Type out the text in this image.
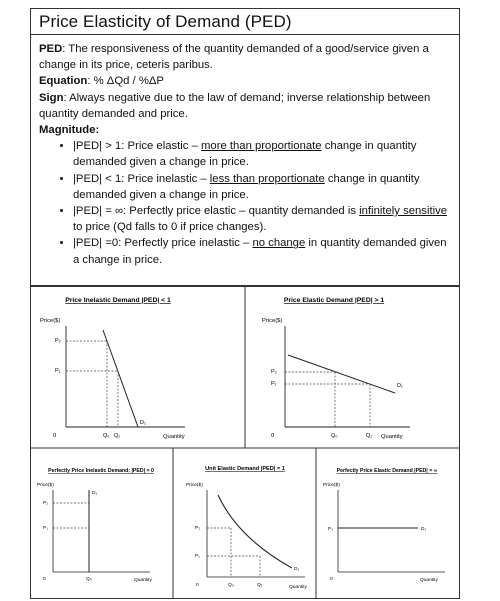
Price Elasticity of Demand (PED)

PED: The responsiveness of the quantity demanded of a good/service given a change in its price, ceteris paribus.

Equation: % ΔQd / %ΔP

Sign: Always negative due to the law of demand; inverse relationship between quantity demanded and price.

Magnitude:

• |PED| > 1: Price elastic – more than proportionate change in quantity demanded given a change in price.
• |PED| < 1: Price inelastic – less than proportionate change in quantity demanded given a change in price.
• |PED| = ∞: Perfectly price elastic – quantity demanded is infinitely sensitive to price (Qd falls to 0 if price changes).
• |PED| =0: Perfectly price inelastic – no change in quantity demanded given a change in price.
Price Inelastic Demand |PED| < 1
Price($)
0	Quantity
D₁
P₂
P₁
Q₀ Q₁
Price Elastic Demand |PED| > 1
Price($)
0	Quantity
D₁
P₂
P₁
Q₀	Q₁
Perfectly Price Inelastic Demand: |PED| = 0
Price($)
0	Quantity
D₁
P₂
P₁
Q₀
Unit Elastic Demand |PED| = 1
Price($)
0	Quantity
D₁
P₂
P₁
Q₀	Q₁
Perfectly Price Elastic Demand |PED| = ∞
Price($)
0	Quantity
D₁
P₁
